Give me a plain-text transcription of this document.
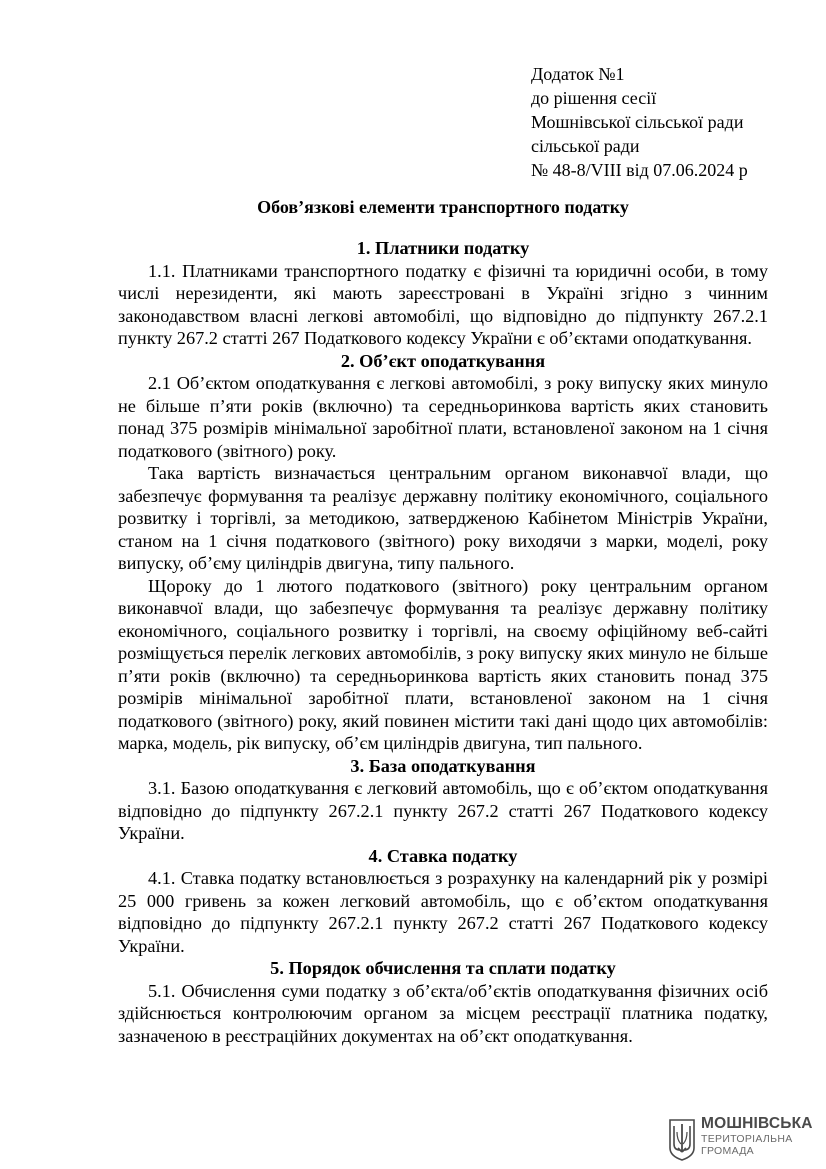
Додаток №1
до рішення сесії
Мошнівської сільської ради
сільської ради
№ 48-8/VIII від 07.06.2024 р
Обов’язкові елементи транспортного податку

1. Платники податку

1.1. Платниками транспортного податку є фізичні та юридичні особи, в тому числі нерезиденти, які мають зареєстровані в Україні згідно з чинним законодавством власні легкові автомобілі, що відповідно до підпункту 267.2.1 пункту 267.2 статті 267 Податкового кодексу України є об’єктами оподаткування.

2. Об’єкт оподаткування

2.1 Об’єктом оподаткування є легкові автомобілі, з року випуску яких минуло не більше п’яти років (включно) та середньоринкова вартість яких становить понад 375 розмірів мінімальної заробітної плати, встановленої законом на 1 січня податкового (звітного) року.

Така вартість визначається центральним органом виконавчої влади, що забезпечує формування та реалізує державну політику економічного, соціального розвитку і торгівлі, за методикою, затвердженою Кабінетом Міністрів України, станом на 1 січня податкового (звітного) року виходячи з марки, моделі, року випуску, об’єму циліндрів двигуна, типу пального.

Щороку до 1 лютого податкового (звітного) року центральним органом виконавчої влади, що забезпечує формування та реалізує державну політику економічного, соціального розвитку і торгівлі, на своєму офіційному веб-сайті розміщується перелік легкових автомобілів, з року випуску яких минуло не більше п’яти років (включно) та середньоринкова вартість яких становить понад 375 розмірів мінімальної заробітної плати, встановленої законом на 1 січня податкового (звітного) року, який повинен містити такі дані щодо цих автомобілів: марка, модель, рік випуску, об’єм циліндрів двигуна, тип пального.

3. База оподаткування

3.1. Базою оподаткування є легковий автомобіль, що є об’єктом оподаткування відповідно до підпункту 267.2.1 пункту 267.2 статті 267 Податкового кодексу України.

4. Ставка податку

4.1. Ставка податку встановлюється з розрахунку на календарний рік у розмірі 25 000 гривень за кожен легковий автомобіль, що є об’єктом оподаткування відповідно до підпункту 267.2.1 пункту 267.2 статті 267 Податкового кодексу України.

5. Порядок обчислення та сплати податку

5.1. Обчислення суми податку з об’єкта/об’єктів оподаткування фізичних осіб здійснюється контролюючим органом за місцем реєстрації платника податку, зазначеною в реєстраційних документах на об’єкт оподаткування.

МОШНІВСЬКА
ТЕРИТОРІАЛЬНА
ГРОМАДА
